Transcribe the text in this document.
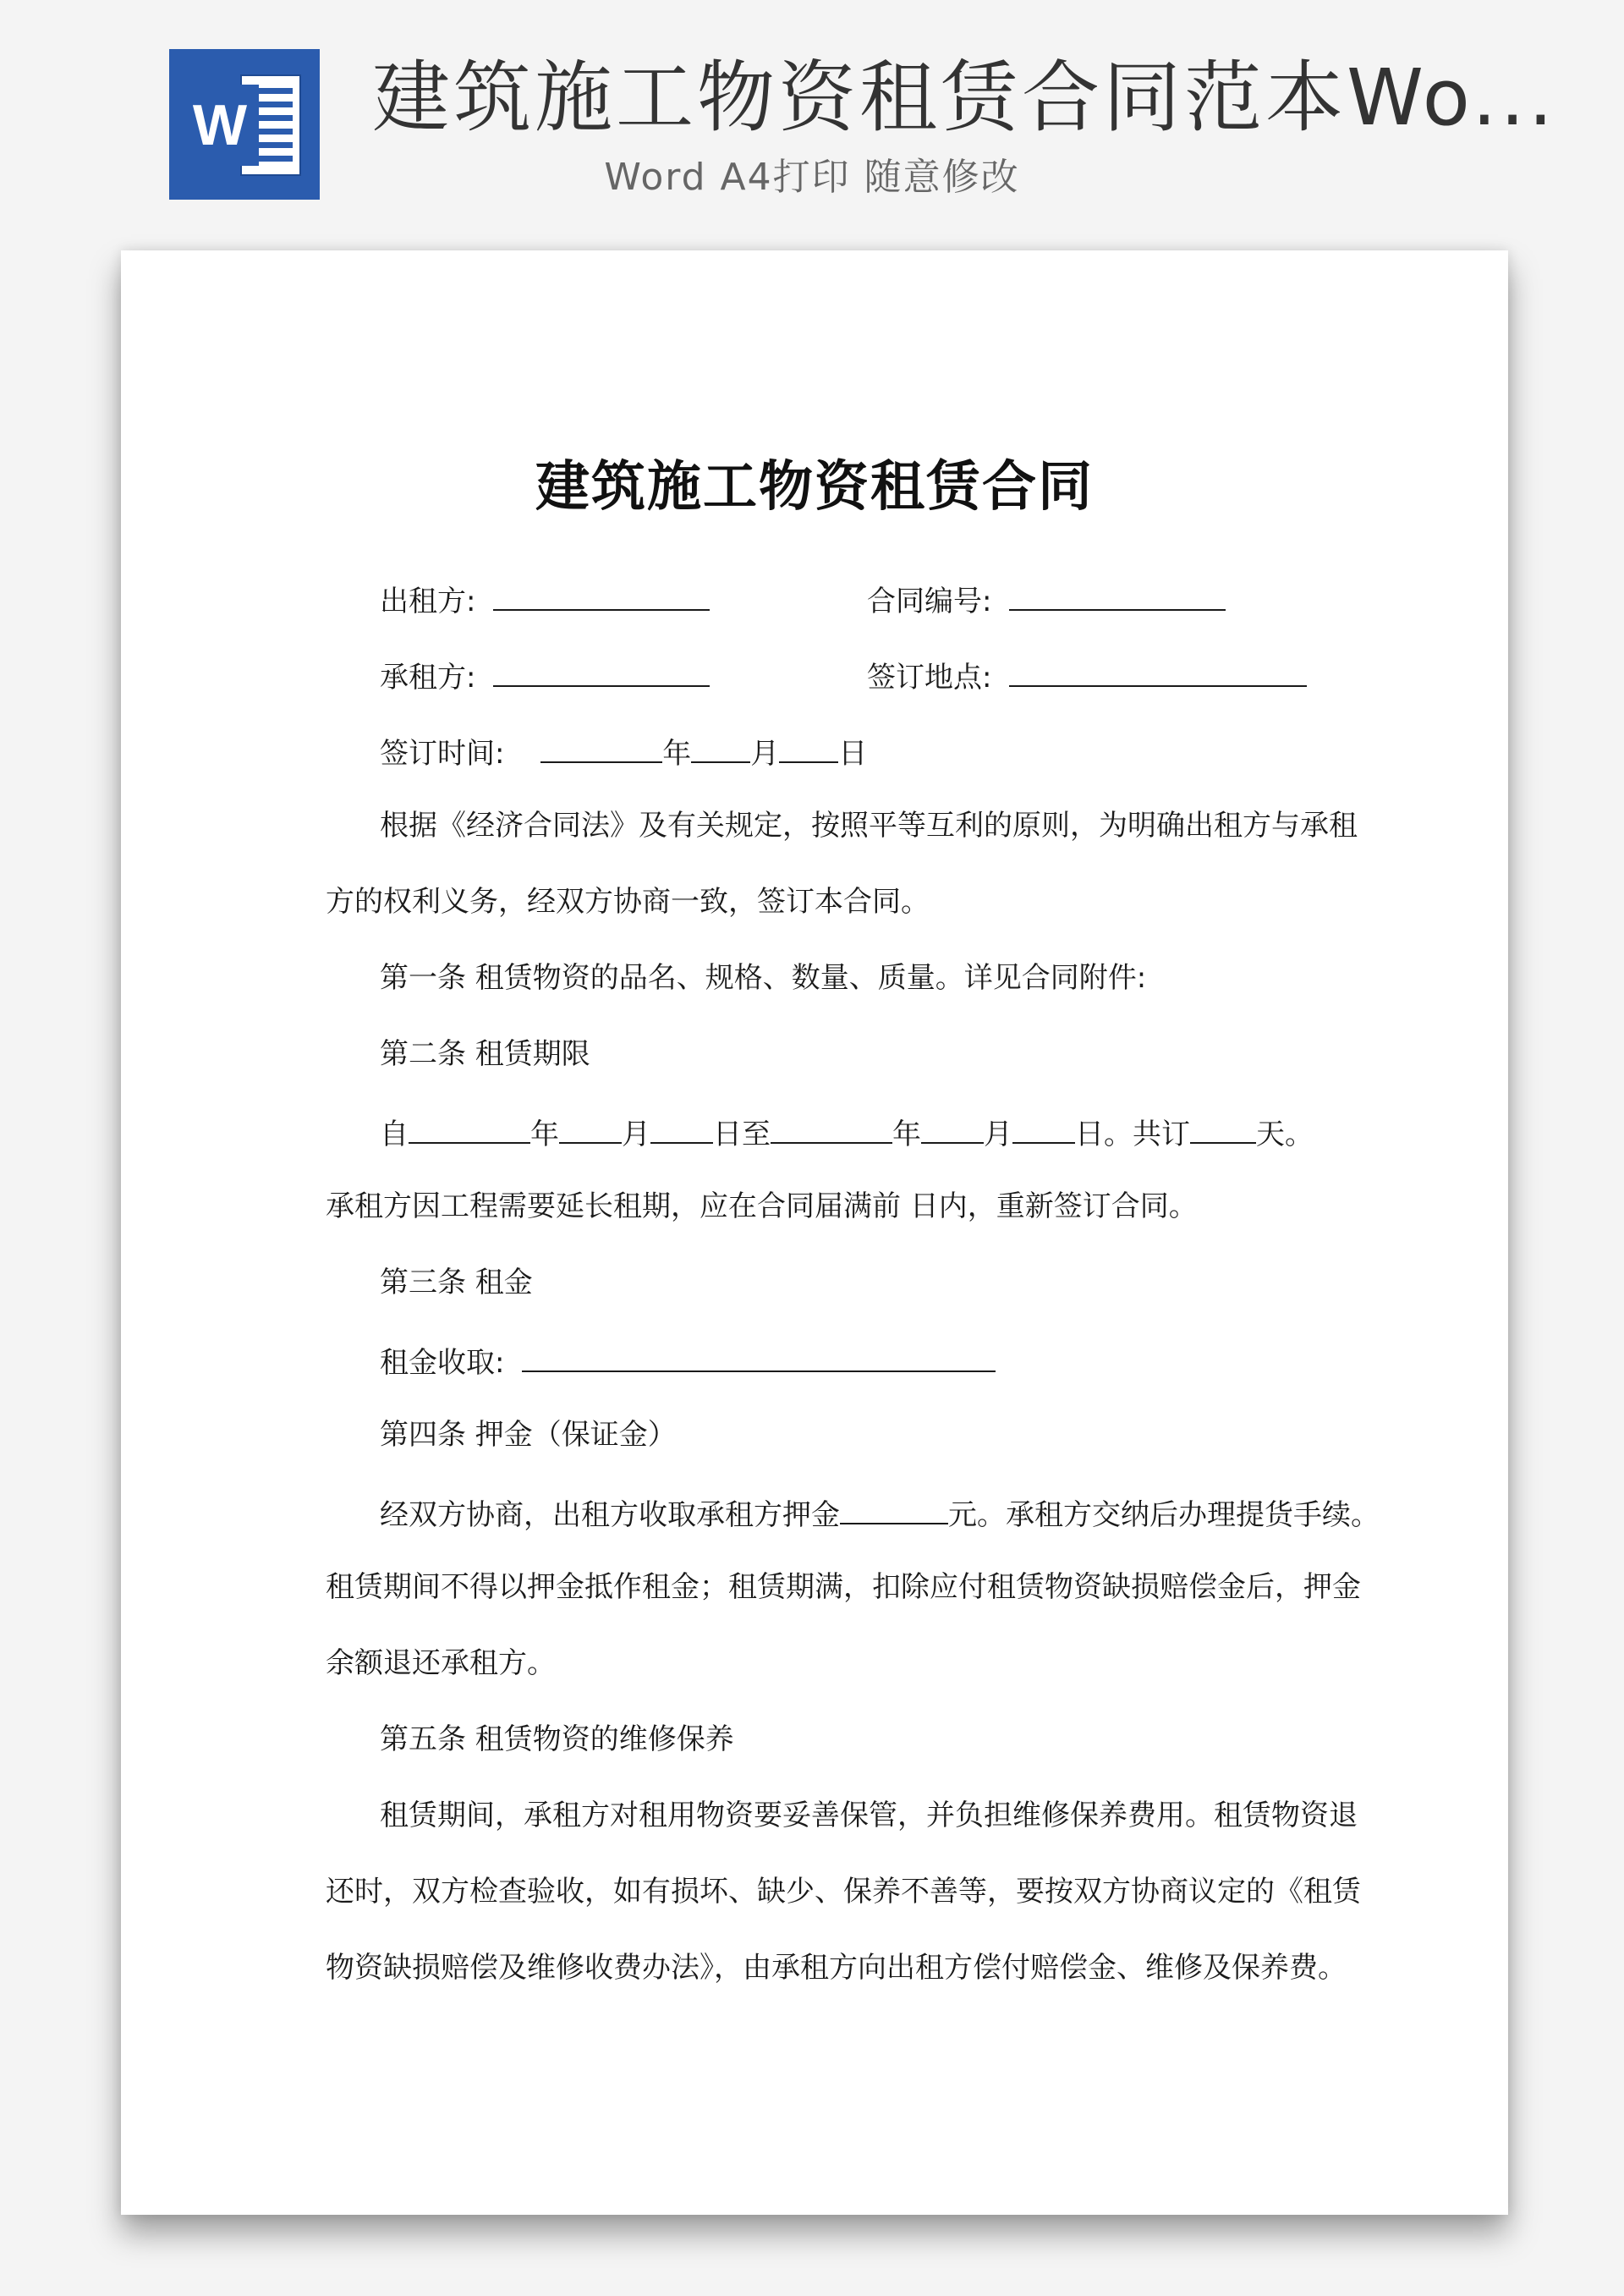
W 建筑施工物资租赁合同范本Wo...
Word A4打印 随意修改
建筑施工物资租赁合同
出租方:	合同编号:
承租方:	签订地点:
签订时间:	年 月 日
根据《经济合同法》及有关规定，按照平等互利的原则，为明确出租方与承租
方的权利义务，经双方协商一致，签订本合同。
第一条 租赁物资的品名、规格、数量、质量。详见合同附件:
第二条 租赁期限
自	年 月 日至	年 月 日。共订 天。
承租方因工程需要延长租期，应在合同届满前 日内，重新签订合同。
第三条 租金
租金收取:
第四条 押金（保证金）
经双方协商，出租方收取承租方押金	元。承租方交纳后办理提货手续。
租赁期间不得以押金抵作租金；租赁期满，扣除应付租赁物资缺损赔偿金后，押金
余额退还承租方。
第五条 租赁物资的维修保养
租赁期间，承租方对租用物资要妥善保管，并负担维修保养费用。租赁物资退
还时，双方检查验收，如有损坏、缺少、保养不善等，要按双方协商议定的《租赁
物资缺损赔偿及维修收费办法》，由承租方向出租方偿付赔偿金、维修及保养费。
